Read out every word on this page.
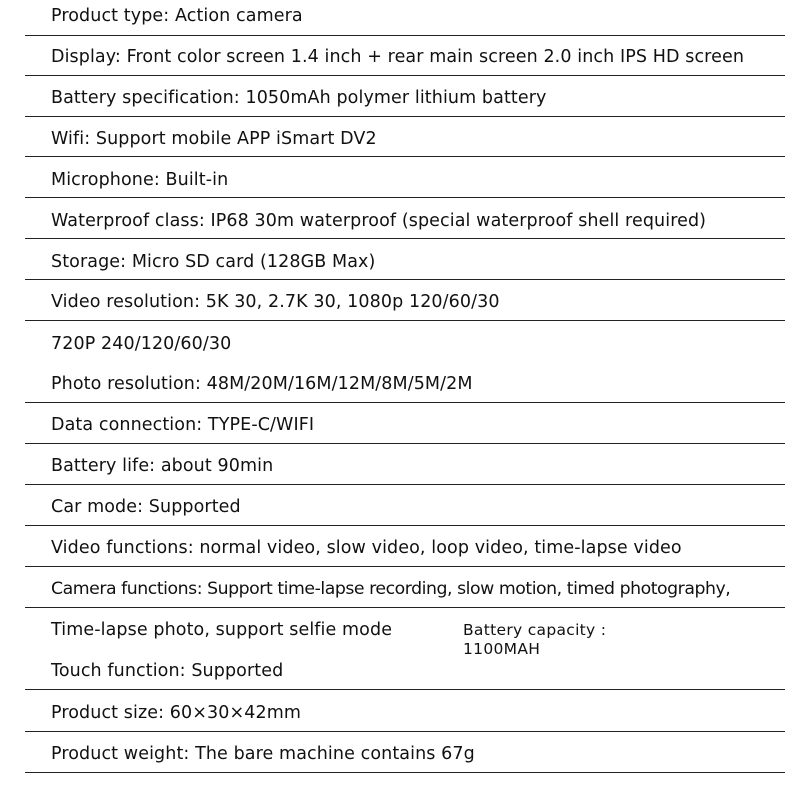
Product type: Action camera
Display: Front color screen 1.4 inch + rear main screen 2.0 inch IPS HD screen
Battery specification: 1050mAh polymer lithium battery
Wifi: Support mobile APP iSmart DV2
Microphone: Built-in
Waterproof class: IP68 30m waterproof (special waterproof shell required)
Storage: Micro SD card (128GB Max)
Video resolution: 5K 30, 2.7K 30, 1080p 120/60/30
720P 240/120/60/30
Photo resolution: 48M/20M/16M/12M/8M/5M/2M
Data connection: TYPE-C/WIFI
Battery life: about 90min
Car mode: Supported
Video functions: normal video, slow video, loop video, time-lapse video
Camera functions: Support time-lapse recording, slow motion, timed photography,
Time-lapse photo, support selfie mode	Battery capacity :
1100MAH
Touch function: Supported
Product size: 60×30×42mm
Product weight: The bare machine contains 67g
